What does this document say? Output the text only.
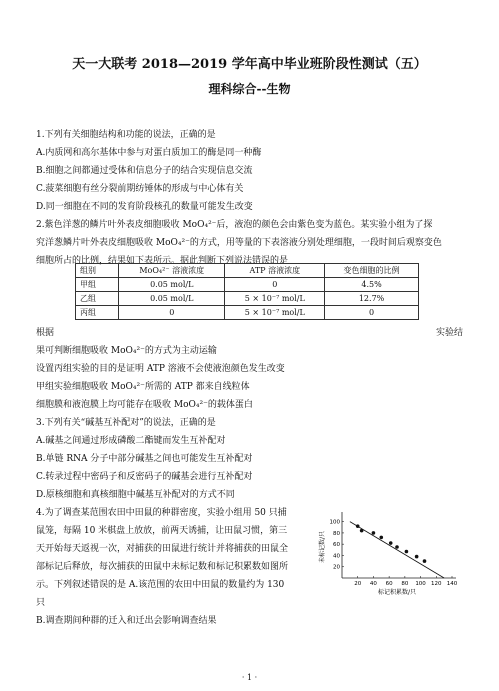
天一大联考 2018—2019 学年高中毕业班阶段性测试（五）
理科综合--生物
1.下列有关细胞结构和功能的说法，正确的是
A.内质网和高尔基体中参与对蛋白质加工的酶是同一种酶
B.细胞之间都通过受体和信息分子的结合实现信息交流
C.菠菜细胞有丝分裂前期纺锤体的形成与中心体有关
D.同一细胞在不同的发育阶段核孔的数量可能发生改变
2.紫色洋葱的鳞片叶外表皮细胞吸收 MoO₄²⁻后，液泡的颜色会由紫色变为蓝色。某实验小组为了探
究洋葱鳞片叶外表皮细胞吸收 MoO₄²⁻的方式，用等量的下表溶液分别处理细胞，一段时间后观察变色
细胞所占的比例，结果如下表所示。据此判断下列说法错误的是
果可判断细胞吸收 MoO₄²⁻的方式为主动运输
设置丙组实验的目的是证明 ATP 溶液不会使液泡颜色发生改变
甲组实验细胞吸收 MoO₄²⁻所需的 ATP 都来自线粒体
细胞膜和液泡膜上均可能存在吸收 MoO₄²⁻的载体蛋白
3.下列有关“碱基互补配对”的说法，正确的是
A.碱基之间通过形成磷酸二酯键而发生互补配对
B.单链 RNA 分子中部分碱基之间也可能发生互补配对
C.转录过程中密码子和反密码子的碱基会进行互补配对
D.原核细胞和真核细胞中碱基互补配对的方式不同
4.为了调查某范围农田中田鼠的种群密度，实验小组用 50 只捕
鼠笼，每隔 10 米棋盘上放放，前两天诱捕，让田鼠习惯，第三
天开始每天返视一次，对捕获的田鼠进行统计并将捕获的田鼠全
部标记后释放，每次捕获的田鼠中未标记数和标记积累数如图所
示。下列叙述错误的是 A.该范围的农田中田鼠的数量约为 130
只
B.调查期间种群的迁入和迁出会影响调查结果
组别	MoO₄²⁻ 溶液浓度	ATP 溶液浓度	变色细胞的比例
甲组	0.05 mol/L	0	4.5%
乙组	0.05 mol/L	5 × 10⁻⁷ mol/L	12.7%
丙组	0	5 × 10⁻⁷ mol/L	0
根据	实验结
20
40
60
80
100
20 40 60 80 100 120 140
标记积累数/只
未标记数/只
· 1 ·
